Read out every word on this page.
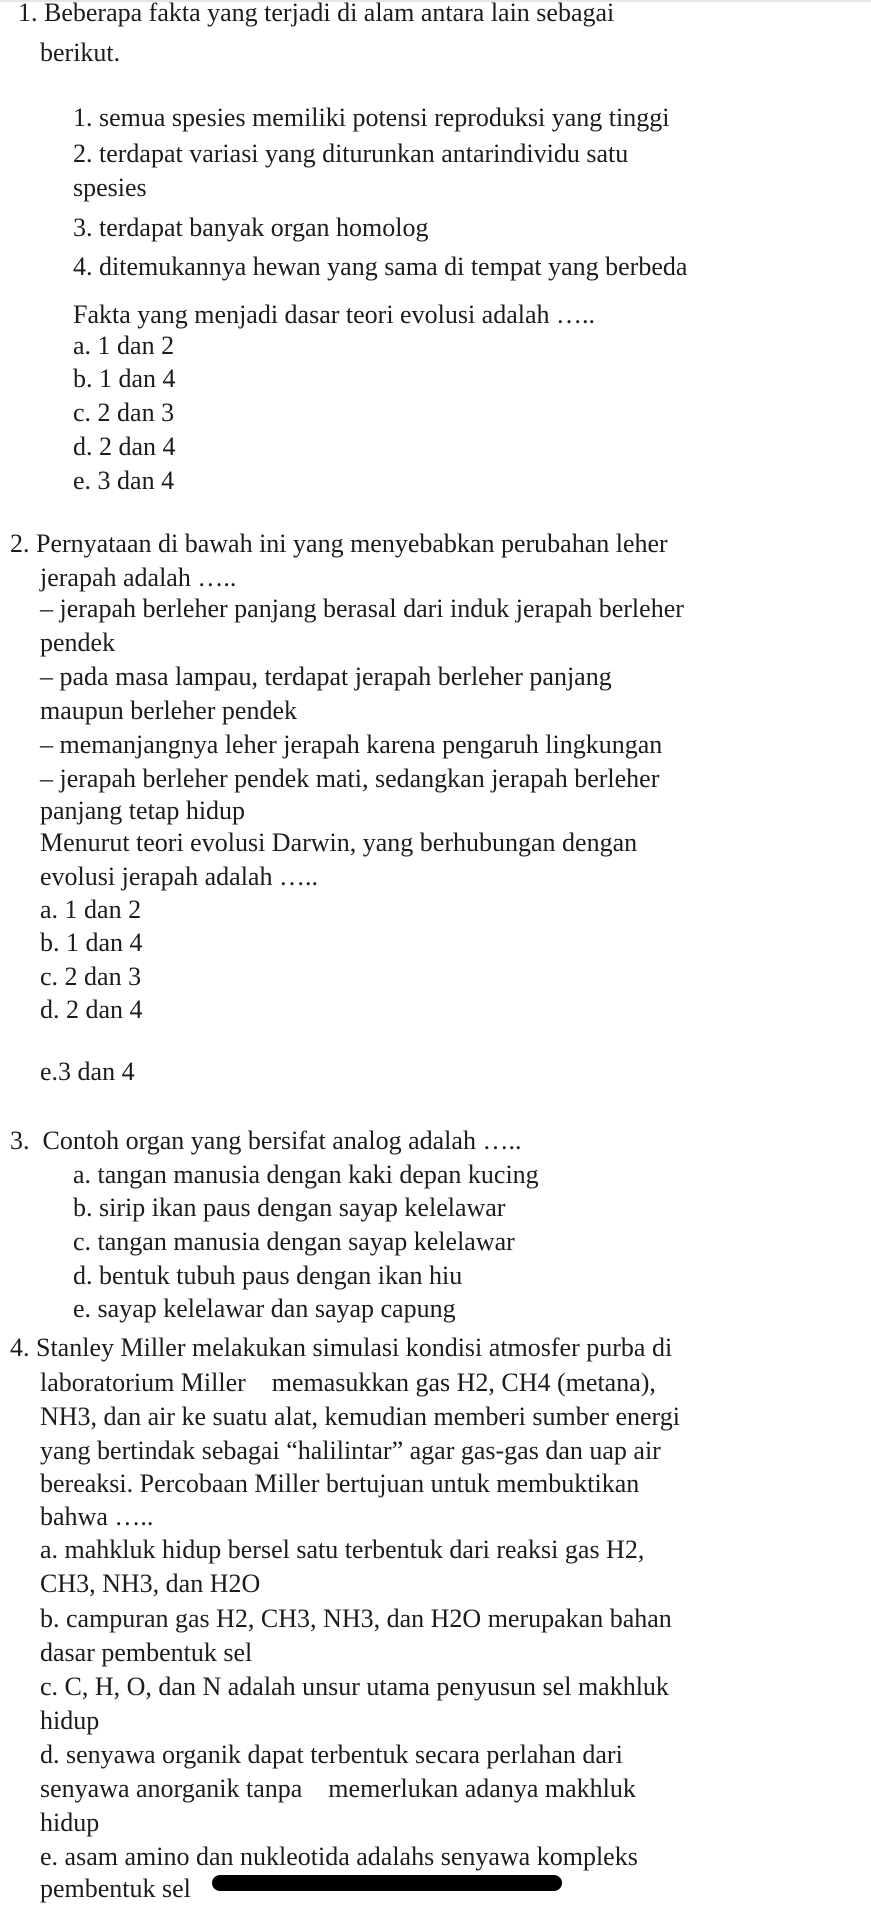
1. Beberapa fakta yang terjadi di alam antara lain sebagai
berikut.
1. semua spesies memiliki potensi reproduksi yang tinggi
2. terdapat variasi yang diturunkan antarindividu satu
spesies
3. terdapat banyak organ homolog
4. ditemukannya hewan yang sama di tempat yang berbeda
Fakta yang menjadi dasar teori evolusi adalah …..
a. 1 dan 2
b. 1 dan 4
c. 2 dan 3
d. 2 dan 4
e. 3 dan 4
2. Pernyataan di bawah ini yang menyebabkan perubahan leher
jerapah adalah …..
– jerapah berleher panjang berasal dari induk jerapah berleher
pendek
– pada masa lampau, terdapat jerapah berleher panjang
maupun berleher pendek
– memanjangnya leher jerapah karena pengaruh lingkungan
– jerapah berleher pendek mati, sedangkan jerapah berleher
panjang tetap hidup
Menurut teori evolusi Darwin, yang berhubungan dengan
evolusi jerapah adalah …..
a. 1 dan 2
b. 1 dan 4
c. 2 dan 3
d. 2 dan 4
e.3 dan 4
3.  Contoh organ yang bersifat analog adalah …..
a. tangan manusia dengan kaki depan kucing
b. sirip ikan paus dengan sayap kelelawar
c. tangan manusia dengan sayap kelelawar
d. bentuk tubuh paus dengan ikan hiu
e. sayap kelelawar dan sayap capung
4. Stanley Miller melakukan simulasi kondisi atmosfer purba di
laboratorium Miller    memasukkan gas H2, CH4 (metana),
NH3, dan air ke suatu alat, kemudian memberi sumber energi
yang bertindak sebagai “halilintar” agar gas-gas dan uap air
bereaksi. Percobaan Miller bertujuan untuk membuktikan
bahwa …..
a. mahkluk hidup bersel satu terbentuk dari reaksi gas H2,
CH3, NH3, dan H2O
b. campuran gas H2, CH3, NH3, dan H2O merupakan bahan
dasar pembentuk sel
c. C, H, O, dan N adalah unsur utama penyusun sel makhluk
hidup
d. senyawa organik dapat terbentuk secara perlahan dari
senyawa anorganik tanpa    memerlukan adanya makhluk
hidup
e. asam amino dan nukleotida adalahs senyawa kompleks
pembentuk sel
